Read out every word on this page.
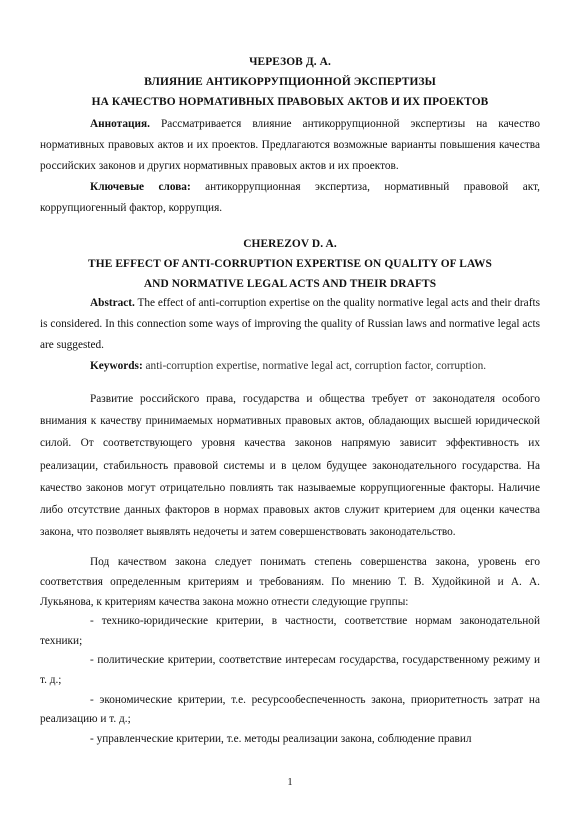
ЧЕРЕЗОВ Д. А.
ВЛИЯНИЕ АНТИКОРРУПЦИОННОЙ ЭКСПЕРТИЗЫ
НА КАЧЕСТВО НОРМАТИВНЫХ ПРАВОВЫХ АКТОВ И ИХ ПРОЕКТОВ

Аннотация. Рассматривается влияние антикоррупционной экспертизы на качество нормативных правовых актов и их проектов. Предлагаются возможные варианты повышения качества российских законов и других нормативных правовых актов и их проектов.

Ключевые слова: антикоррупционная экспертиза, нормативный правовой акт, коррупциогенный фактор, коррупция.

CHEREZOV D. A.
THE EFFECT OF ANTI-CORRUPTION EXPERTISE ON QUALITY OF LAWS
AND NORMATIVE LEGAL ACTS AND THEIR DRAFTS

Abstract. The effect of anti-corruption expertise on the quality normative legal acts and their drafts is considered. In this connection some ways of improving the quality of Russian laws and normative legal acts are suggested.

Keywords: anti-corruption expertise, normative legal act, corruption factor, corruption.

Развитие российского права, государства и общества требует от законодателя особого внимания к качеству принимаемых нормативных правовых актов, обладающих высшей юридической силой. От соответствующего уровня качества законов напрямую зависит эффективность их реализации, стабильность правовой системы и в целом будущее законодательного государства. На качество законов могут отрицательно повлиять так называемые коррупциогенные факторы. Наличие либо отсутствие данных факторов в нормах правовых актов служит критерием для оценки качества закона, что позволяет выявлять недочеты и затем совершенствовать законодательство.

Под качеством закона следует понимать степень совершенства закона, уровень его соответствия определенным критериям и требованиям. По мнению Т. В. Худойкиной и А. А. Лукьянова, к критериям качества закона можно отнести следующие группы:

- технико-юридические критерии, в частности, соответствие нормам законодательной техники;

- политические критерии, соответствие интересам государства, государственному режиму и т. д.;

- экономические критерии, т.е. ресурсообеспеченность закона, приоритетность затрат на реализацию и т. д.;

- управленческие критерии, т.е. методы реализации закона, соблюдение правил

1
